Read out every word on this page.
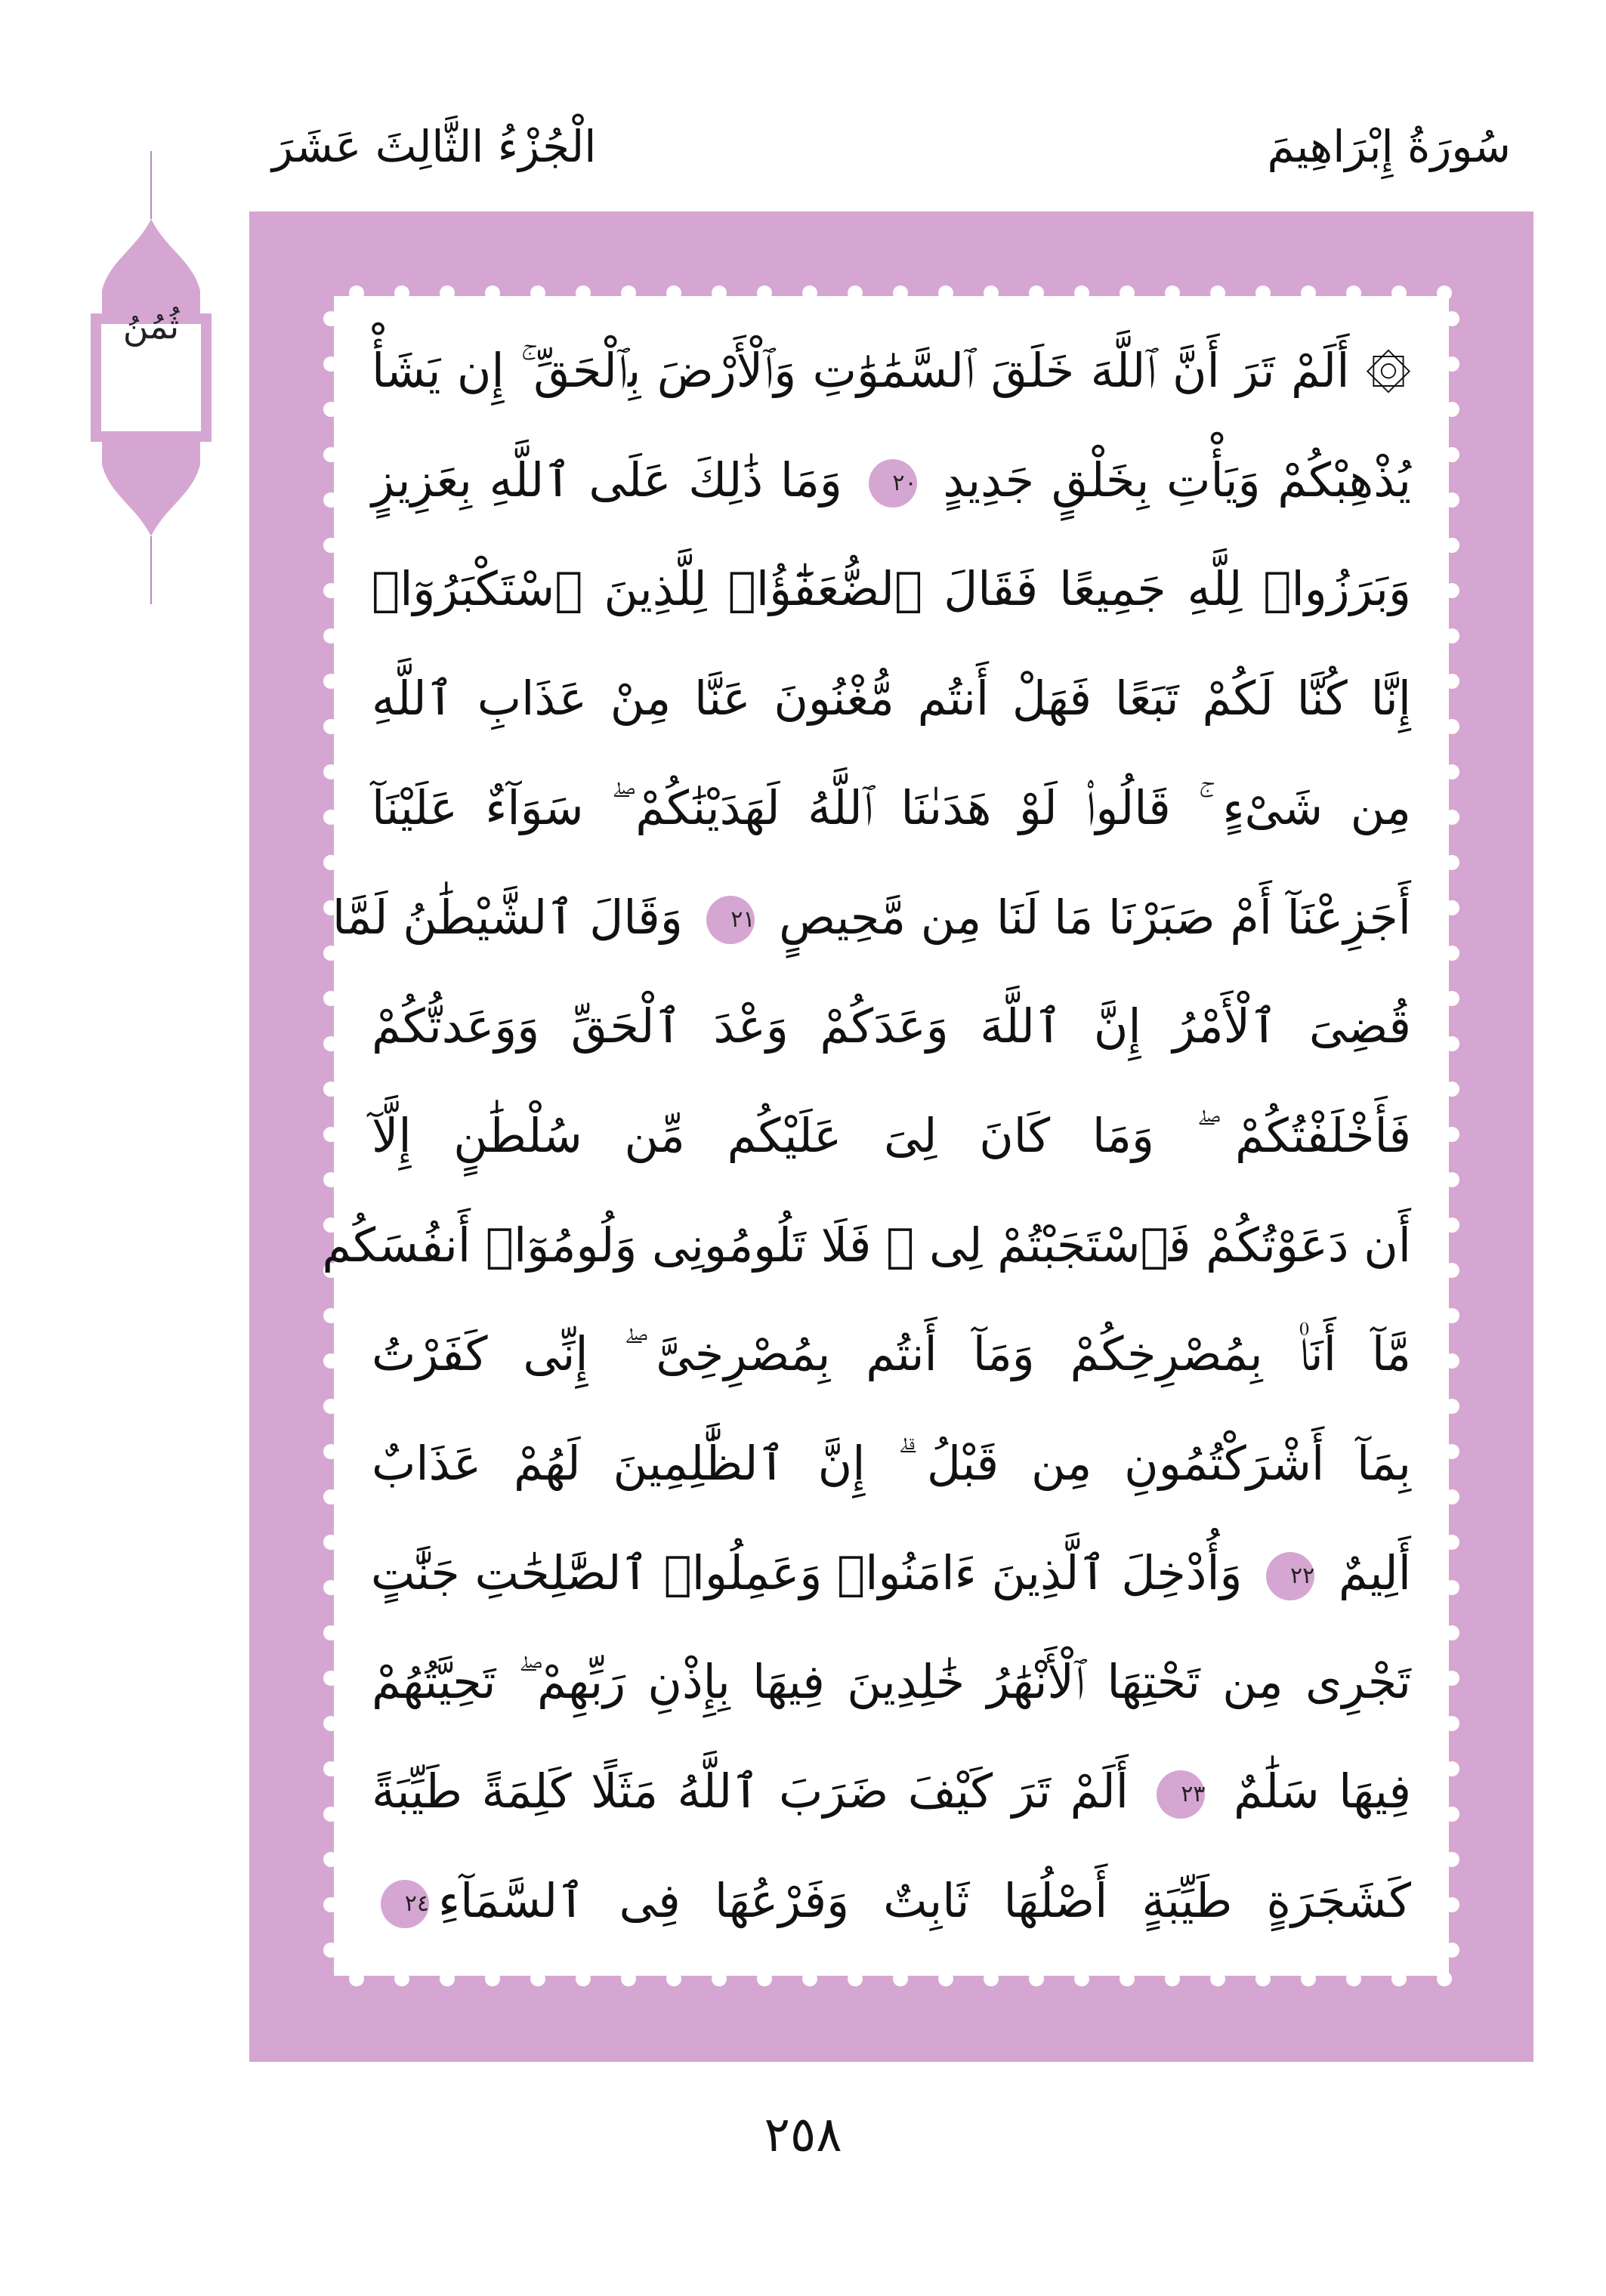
الْجُزْءُ الثَّالِثَ عَشَرَ	سُورَةُ إِبْرَاهِيمَ
ثُمُنُ
۞ أَلَمْ تَرَ أَنَّ ٱللَّهَ خَلَقَ ٱلسَّمَٰوَٰتِ وَٱلْأَرْضَ بِٱلْحَقِّ ۚ إِن يَشَأْ
يُذْهِبْكُمْ وَيَأْتِ بِخَلْقٍ جَدِيدٍ ٢٠ وَمَا ذَٰلِكَ عَلَى ٱللَّهِ بِعَزِيزٍ
وَبَرَزُوا۟ لِلَّهِ جَمِيعًا فَقَالَ ٱلضُّعَفَٰٓؤُا۟ لِلَّذِينَ ٱسْتَكْبَرُوٓا۟
إِنَّا كُنَّا لَكُمْ تَبَعًا فَهَلْ أَنتُم مُّغْنُونَ عَنَّا مِنْ عَذَابِ ٱللَّهِ
مِن شَىْءٍ ۚ قَالُوا۟ لَوْ هَدَىٰنَا ٱللَّهُ لَهَدَيْنَٰكُمْ ۖ سَوَآءٌ عَلَيْنَآ
أَجَزِعْنَآ أَمْ صَبَرْنَا مَا لَنَا مِن مَّحِيصٍ ٢١ وَقَالَ ٱلشَّيْطَٰنُ لَمَّا
قُضِىَ ٱلْأَمْرُ إِنَّ ٱللَّهَ وَعَدَكُمْ وَعْدَ ٱلْحَقِّ وَوَعَدتُّكُمْ
فَأَخْلَفْتُكُمْ ۖ وَمَا كَانَ لِىَ عَلَيْكُم مِّن سُلْطَٰنٍ إِلَّآ
أَن دَعَوْتُكُمْ فَٱسْتَجَبْتُمْ لِى ۖ فَلَا تَلُومُونِى وَلُومُوٓا۟ أَنفُسَكُم
مَّآ أَنَا۠ بِمُصْرِخِكُمْ وَمَآ أَنتُم بِمُصْرِخِىَّ ۖ إِنِّى كَفَرْتُ
بِمَآ أَشْرَكْتُمُونِ مِن قَبْلُ ۗ إِنَّ ٱلظَّٰلِمِينَ لَهُمْ عَذَابٌ
أَلِيمٌ ٢٢ وَأُدْخِلَ ٱلَّذِينَ ءَامَنُوا۟ وَعَمِلُوا۟ ٱلصَّٰلِحَٰتِ جَنَّٰتٍ
تَجْرِى مِن تَحْتِهَا ٱلْأَنْهَٰرُ خَٰلِدِينَ فِيهَا بِإِذْنِ رَبِّهِمْ ۖ تَحِيَّتُهُمْ
فِيهَا سَلَٰمٌ ٢٣ أَلَمْ تَرَ كَيْفَ ضَرَبَ ٱللَّهُ مَثَلًا كَلِمَةً طَيِّبَةً
كَشَجَرَةٍ طَيِّبَةٍ أَصْلُهَا ثَابِتٌ وَفَرْعُهَا فِى ٱلسَّمَآءِ٢٤
٢٥٨
